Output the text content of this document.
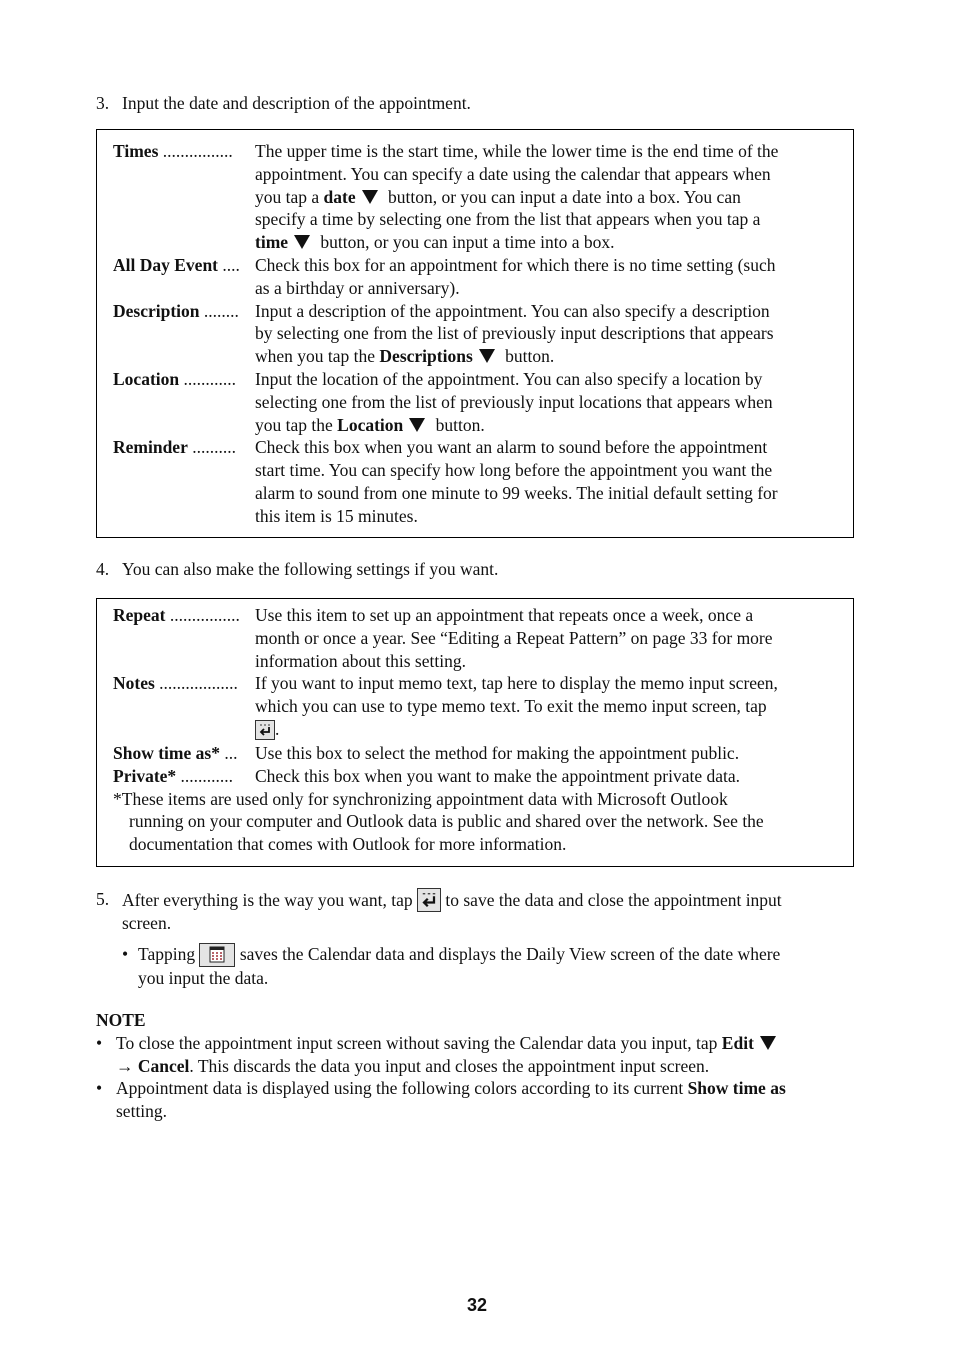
3. Input the date and description of the appointment.
Times ................	The upper time is the start time, while the lower time is the end time of the
appointment. You can specify a date using the calendar that appears when
you tap a date button, or you can input a date into a box. You can
specify a time by selecting one from the list that appears when you tap a
time button, or you can input a time into a box.
All Day Event .... Check this box for an appointment for which there is no time setting (such
as a birthday or anniversary).
Description ........ Input a description of the appointment. You can also specify a description
by selecting one from the list of previously input descriptions that appears
when you tap the Descriptions button.
Location ............	Input the location of the appointment. You can also specify a location by
selecting one from the list of previously input locations that appears when
you tap the Location button.
Reminder ..........	Check this box when you want an alarm to sound before the appointment
start time. You can specify how long before the appointment you want the
alarm to sound from one minute to 99 weeks. The initial default setting for
this item is 15 minutes.
4. You can also make the following settings if you want.
Repeat ................ Use this item to set up an appointment that repeats once a week, once a
month or once a year. See “Editing a Repeat Pattern” on page 33 for more
information about this setting.
Notes .................. If you want to input memo text, tap here to display the memo input screen,
which you can use to type memo text. To exit the memo input screen, tap
.
Show time as* ...	Use this box to select the method for making the appointment public.
Private* ............	Check this box when you want to make the appointment private data.
*These items are used only for synchronizing appointment data with Microsoft Outlook
running on your computer and Outlook data is public and shared over the network. See the
documentation that comes with Outlook for more information.
5. After everything is the way you want, tap
to save the data and close the appointment input
screen.
• Tapping  saves the Calendar data and displays the Daily View screen of the date where
you input the data.
NOTE
• To close the appointment input screen without saving the Calendar data you input, tap Edit
→ Cancel. This discards the data you input and closes the appointment input screen.
• Appointment data is displayed using the following colors according to its current Show time as
setting.
32
